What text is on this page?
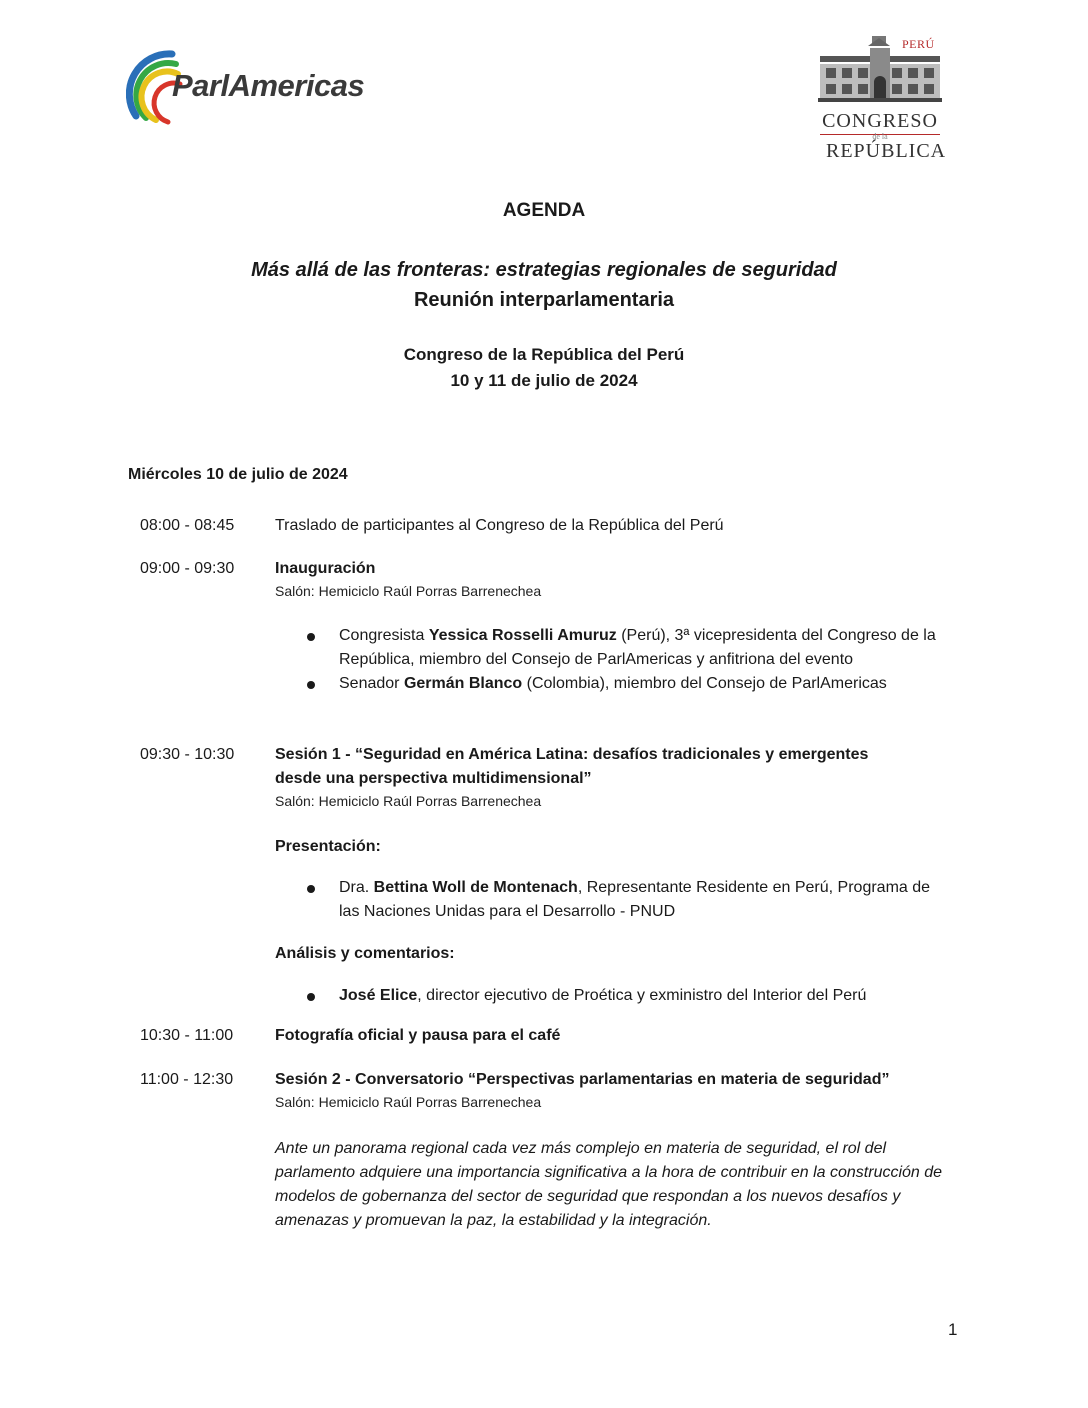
ParlAmericas
PERÚ
CONGRESO
de la
REPÚBLICA
AGENDA
Más allá de las fronteras: estrategias regionales de seguridad
Reunión interparlamentaria
Congreso de la República del Perú
10 y 11 de julio de 2024
Miércoles 10 de julio de 2024
08:00 - 08:45	Traslado de participantes al Congreso de la República del Perú
09:00 - 09:30	Inauguración
Salón: Hemiciclo Raúl Porras Barrenechea
Congresista Yessica Rosselli Amuruz (Perú), 3ª vicepresidenta del Congreso de la República, miembro del Consejo de ParlAmericas y anfitriona del evento
Senador Germán Blanco (Colombia), miembro del Consejo de ParlAmericas
09:30 - 10:30	Sesión 1 - “Seguridad en América Latina: desafíos tradicionales y emergentes desde una perspectiva multidimensional”
Salón: Hemiciclo Raúl Porras Barrenechea
Presentación:
Dra. Bettina Woll de Montenach, Representante Residente en Perú, Programa de las Naciones Unidas para el Desarrollo - PNUD
Análisis y comentarios:
José Elice, director ejecutivo de Proética y exministro del Interior del Perú
10:30 - 11:00	Fotografía oficial y pausa para el café
11:00 - 12:30	Sesión 2 - Conversatorio “Perspectivas parlamentarias en materia de seguridad”
Salón: Hemiciclo Raúl Porras Barrenechea
Ante un panorama regional cada vez más complejo en materia de seguridad, el rol del parlamento adquiere una importancia significativa a la hora de contribuir en la construcción de modelos de gobernanza del sector de seguridad que respondan a los nuevos desafíos y amenazas y promuevan la paz, la estabilidad y la integración.
1
